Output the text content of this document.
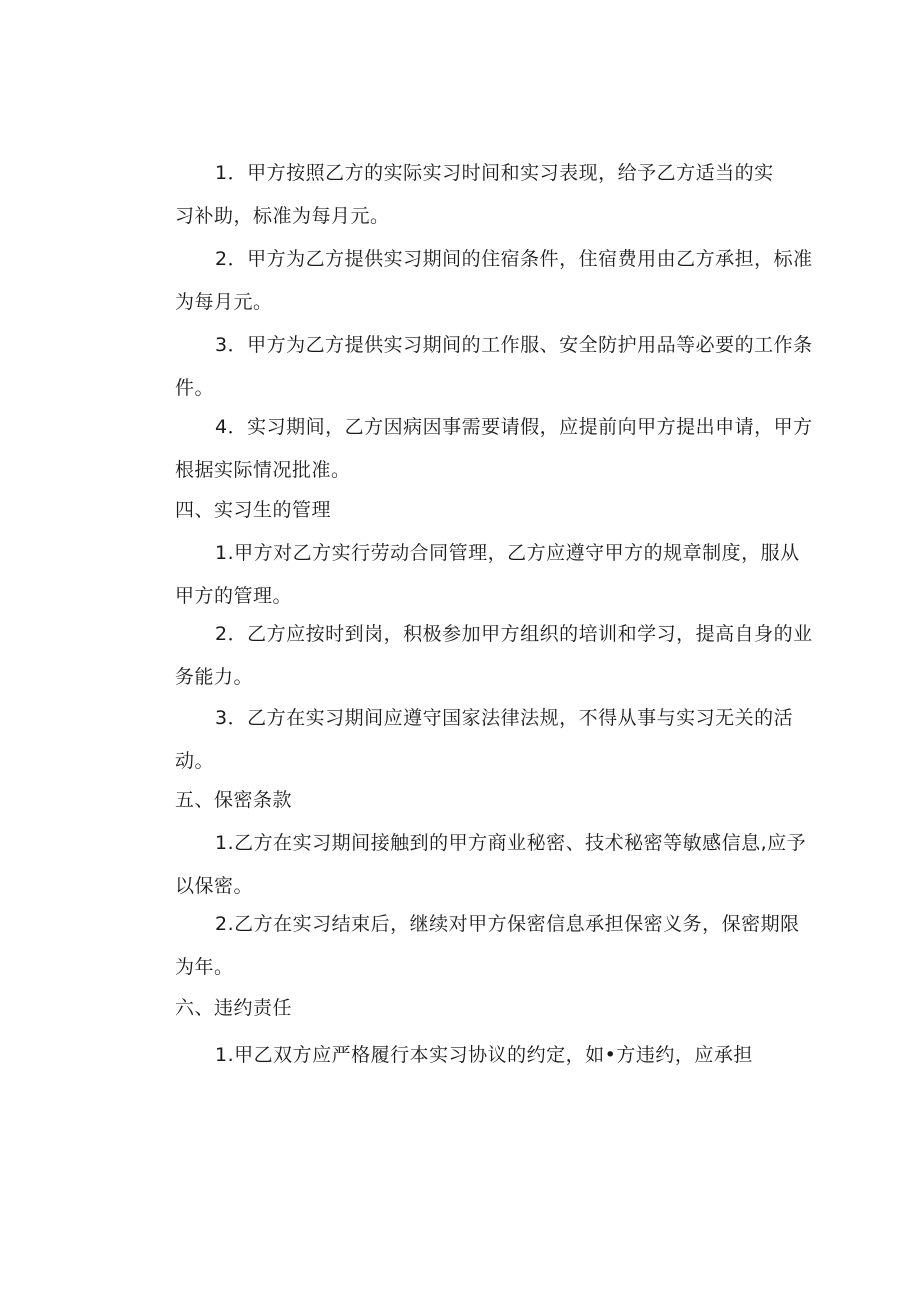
1．甲方按照乙方的实际实习时间和实习表现，给予乙方适当的实
习补助，标准为每月元。
2．甲方为乙方提供实习期间的住宿条件，住宿费用由乙方承担，标准
为每月元。
3．甲方为乙方提供实习期间的工作服、安全防护用品等必要的工作条
件。
4．实习期间，乙方因病因事需要请假，应提前向甲方提出申请，甲方
根据实际情况批准。
四、实习生的管理
1.甲方对乙方实行劳动合同管理，乙方应遵守甲方的规章制度，服从
甲方的管理。
2．乙方应按时到岗，积极参加甲方组织的培训和学习，提高自身的业
务能力。
3．乙方在实习期间应遵守国家法律法规，不得从事与实习无关的活
动。
五、保密条款
1.乙方在实习期间接触到的甲方商业秘密、技术秘密等敏感信息,应予
以保密。
2.乙方在实习结束后，继续对甲方保密信息承担保密义务，保密期限
为年。
六、违约责任
1.甲乙双方应严格履行本实习协议的约定，如•方违约，应承担
